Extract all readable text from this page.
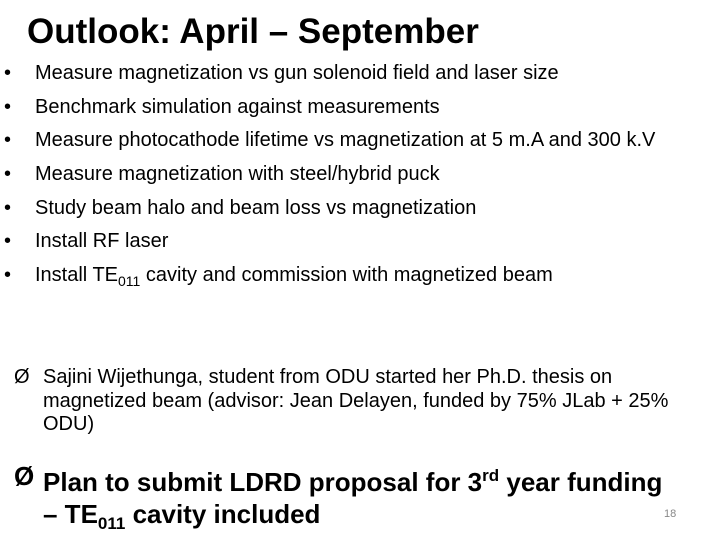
Outlook: April – September
• Measure magnetization vs gun solenoid field and laser size
• Benchmark simulation against measurements
• Measure photocathode lifetime vs magnetization at 5 m.A and 300 k.V
• Measure magnetization with steel/hybrid puck
• Study beam halo and beam loss vs magnetization
• Install RF laser
• Install $TE_{011}$ cavity and commission with magnetized beam
Ø Sajini Wijethunga, student from ODU started her Ph.D. thesis on magnetized beam (advisor: Jean Delayen, funded by 75% JLab + 25% ODU)
Ø Plan to submit LDRD proposal for 3rd year funding
– $TE_{011}$ cavity included	18
